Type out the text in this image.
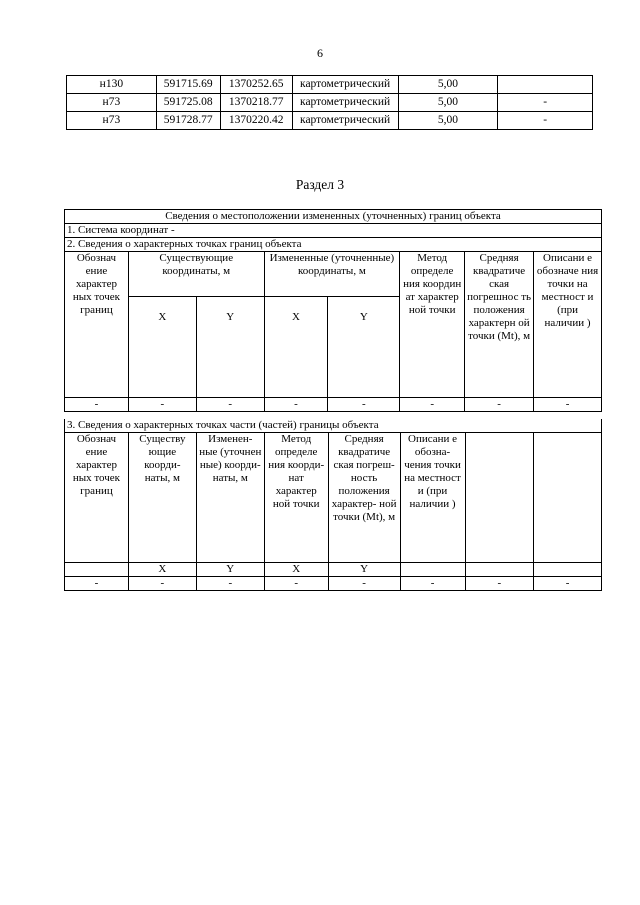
6
н130	591715.69	1370252.65	картометрический	5,00	
н73	591725.08	1370218.77	картометрический	5,00	-
н73	591728.77	1370220.42	картометрический	5,00	-
Раздел 3
Сведения о местоположении измененных (уточненных) границ объекта							
1. Система координат -							
2. Сведения о характерных точках границ объекта							
Обознач ение характер ных точек границ	Существующие координаты, м		Измененные (уточненные) координаты, м		Метод определе ния координ ат характер ной точки	Средняя квадратиче ская погрешнос ть положения характерн ой точки (Mt), м	Описани е обозначе ния точки на местност и (при наличии )
	X	Y	X	Y			
-	-	-	-	-	-	-	-
3. Сведения о характерных точках части (частей) границы объекта							
Обознач ение характер ных точек границ	Существу ющие коорди- наты, м	Изменен- ные (уточнен ные) коорди- наты, м	Метод определе ния коорди- нат характер ной точки	Средняя квадратиче ская погреш- ность положения характер- ной точки (Mt), м	Описани е обозна- чения точки на местност и (при наличии )		
	X	Y	X	Y			
-	-	-	-	-	-	-	-
